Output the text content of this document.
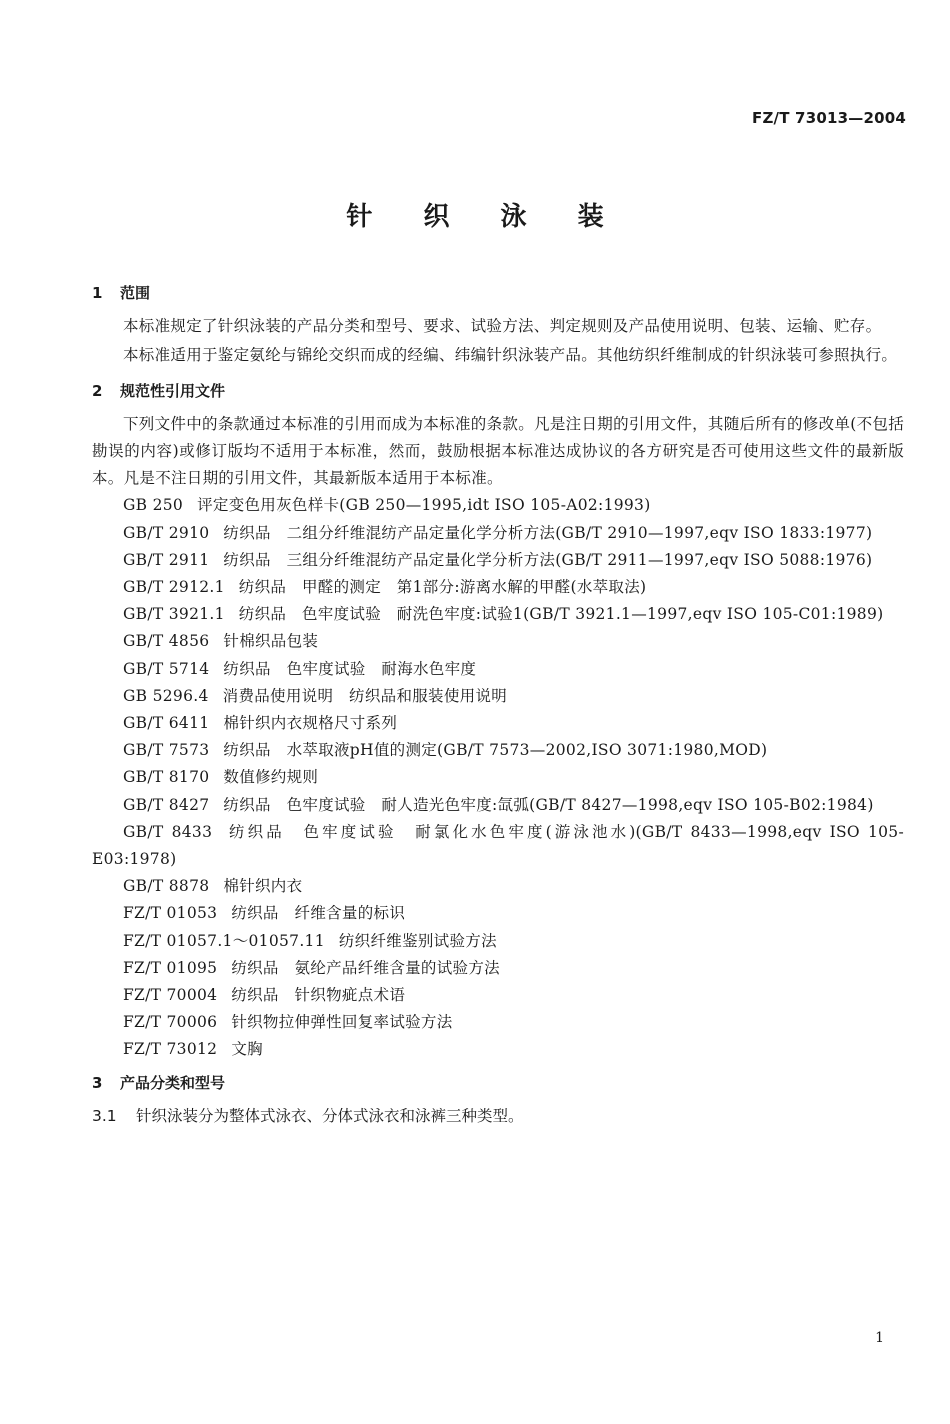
FZ/T 73013—2004
针 织 泳 装
1 范围

本标准规定了针织泳装的产品分类和型号、要求、试验方法、判定规则及产品使用说明、包装、运输、贮存。

本标准适用于鉴定氨纶与锦纶交织而成的经编、纬编针织泳装产品。其他纺织纤维制成的针织泳装可参照执行。

2 规范性引用文件

下列文件中的条款通过本标准的引用而成为本标准的条款。凡是注日期的引用文件，其随后所有的修改单(不包括勘误的内容)或修订版均不适用于本标准，然而，鼓励根据本标准达成协议的各方研究是否可使用这些文件的最新版本。凡是不注日期的引用文件，其最新版本适用于本标准。

GB 250 评定变色用灰色样卡(GB 250—1995,idt ISO 105-A02:1993)
GB/T 2910 纺织品　二组分纤维混纺产品定量化学分析方法(GB/T 2910—1997,eqv ISO 1833:1977)
GB/T 2911 纺织品　三组分纤维混纺产品定量化学分析方法(GB/T 2911—1997,eqv ISO 5088:1976)
GB/T 2912.1 纺织品　甲醛的测定　第1部分:游离水解的甲醛(水萃取法)
GB/T 3921.1 纺织品　色牢度试验　耐洗色牢度:试验1(GB/T 3921.1—1997,eqv ISO 105-C01:1989)
GB/T 4856 针棉织品包装
GB/T 5714 纺织品　色牢度试验　耐海水色牢度
GB 5296.4 消费品使用说明　纺织品和服装使用说明
GB/T 6411 棉针织内衣规格尺寸系列
GB/T 7573 纺织品　水萃取液pH值的测定(GB/T 7573—2002,ISO 3071:1980,MOD)
GB/T 8170 数值修约规则
GB/T 8427 纺织品　色牢度试验　耐人造光色牢度:氙弧(GB/T 8427—1998,eqv ISO 105-B02:1984)
GB/T 8433 纺织品　色牢度试验　耐氯化水色牢度(游泳池水)(GB/T 8433—1998,eqv ISO 105-E03:1978)
GB/T 8878 棉针织内衣
FZ/T 01053 纺织品　纤维含量的标识
FZ/T 01057.1～01057.11 纺织纤维鉴别试验方法
FZ/T 01095 纺织品　氨纶产品纤维含量的试验方法
FZ/T 70004 纺织品　针织物疵点术语
FZ/T 70006 针织物拉伸弹性回复率试验方法
FZ/T 73012 文胸
3 产品分类和型号
3.1 针织泳装分为整体式泳衣、分体式泳衣和泳裤三种类型。
1
